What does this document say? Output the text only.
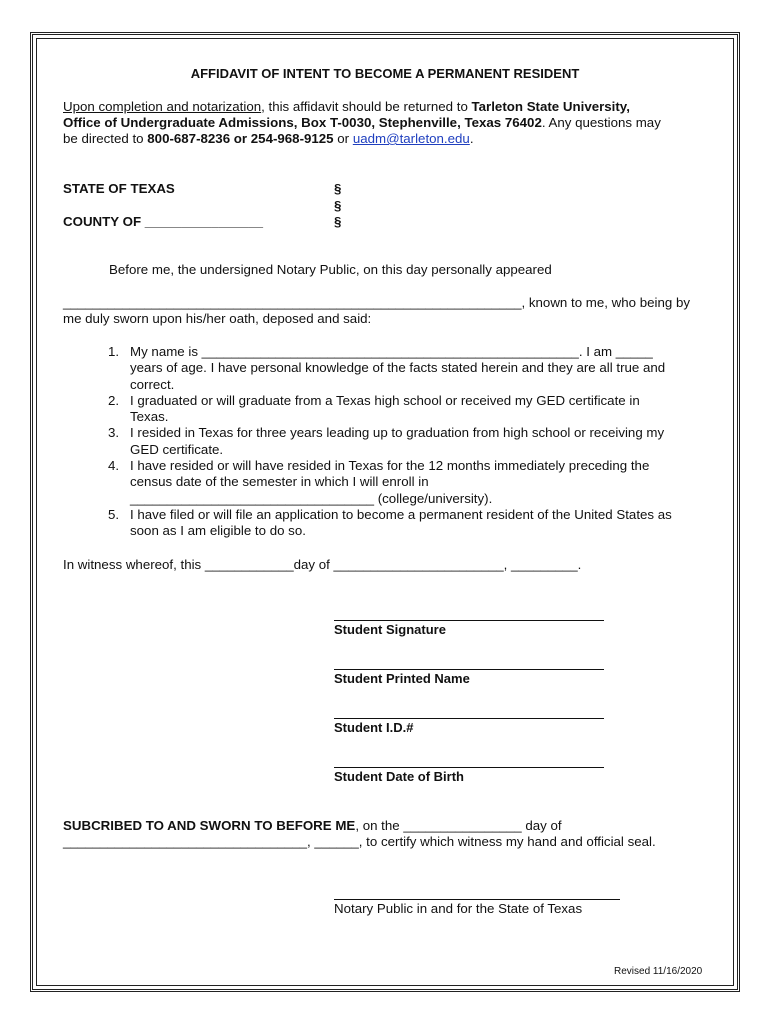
AFFIDAVIT OF INTENT TO BECOME A PERMANENT RESIDENT
Upon completion and notarization, this affidavit should be returned to Tarleton State University,
Office of Undergraduate Admissions, Box T-0030, Stephenville, Texas 76402. Any questions may
be directed to 800-687-8236 or 254-968-9125 or uadm@tarleton.edu.
STATE OF TEXAS
COUNTY OF ________________
§
§
§
Before me, the undersigned Notary Public, on this day personally appeared
______________________________________________________________, known to me, who being by
me duly sworn upon his/her oath, deposed and said:
1. My name is ___________________________________________________. I am _____
years of age. I have personal knowledge of the facts stated herein and they are all true and
correct.
2. I graduated or will graduate from a Texas high school or received my GED certificate in
Texas.
3. I resided in Texas for three years leading up to graduation from high school or receiving my
GED certificate.
4. I have resided or will have resided in Texas for the 12 months immediately preceding the
census date of the semester in which I will enroll in
_________________________________ (college/university).
5. I have filed or will file an application to become a permanent resident of the United States as
soon as I am eligible to do so.
In witness whereof, this ____________day of _______________________, _________.
Student Signature
Student Printed Name
Student I.D.#
Student Date of Birth
SUBCRIBED TO AND SWORN TO BEFORE ME, on the ________________ day of
_________________________________, ______, to certify which witness my hand and official seal.
Notary Public in and for the State of Texas
Revised 11/16/2020
